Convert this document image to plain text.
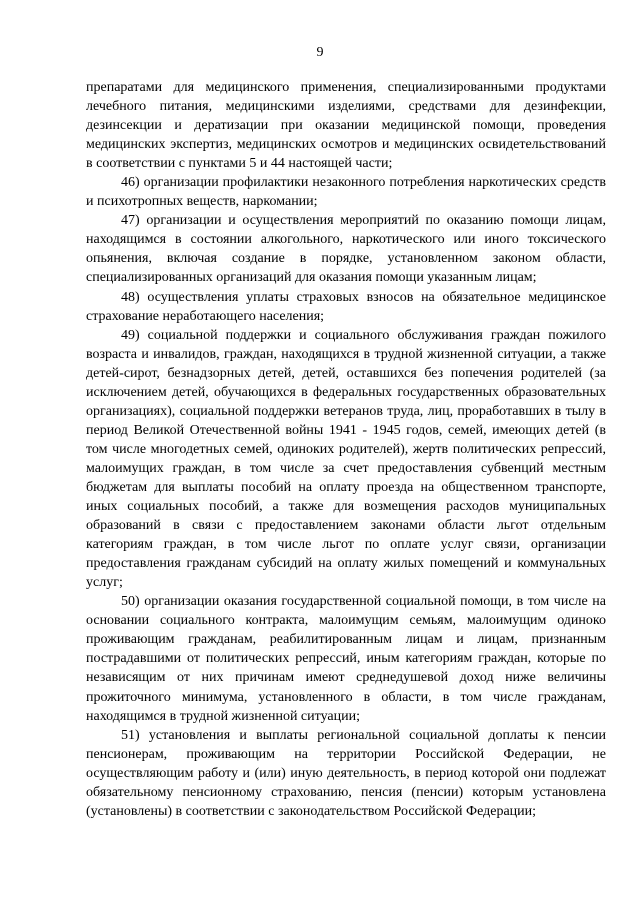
9

препаратами для медицинского применения, специализированными продуктами лечебного питания, медицинскими изделиями, средствами для дезинфекции, дезинсекции и дератизации при оказании медицинской помощи, проведения медицинских экспертиз, медицинских осмотров и медицинских освидетельствований в соответствии с пунктами 5 и 44 настоящей части;

46) организации профилактики незаконного потребления наркотических средств и психотропных веществ, наркомании;

47) организации и осуществления мероприятий по оказанию помощи лицам, находящимся в состоянии алкогольного, наркотического или иного токсического опьянения, включая создание в порядке, установленном законом области, специализированных организаций для оказания помощи указанным лицам;

48) осуществления уплаты страховых взносов на обязательное медицинское страхование неработающего населения;

49) социальной поддержки и социального обслуживания граждан пожилого возраста и инвалидов, граждан, находящихся в трудной жизненной ситуации, а также детей-сирот, безнадзорных детей, детей, оставшихся без попечения родителей (за исключением детей, обучающихся в федеральных государственных образовательных организациях), социальной поддержки ветеранов труда, лиц, проработавших в тылу в период Великой Отечественной войны 1941 - 1945 годов, семей, имеющих детей (в том числе многодетных семей, одиноких родителей), жертв политических репрессий, малоимущих граждан, в том числе за счет предоставления субвенций местным бюджетам для выплаты пособий на оплату проезда на общественном транспорте, иных социальных пособий, а также для возмещения расходов муниципальных образований в связи с предоставлением законами области льгот отдельным категориям граждан, в том числе льгот по оплате услуг связи, организации предоставления гражданам субсидий на оплату жилых помещений и коммунальных услуг;

50) организации оказания государственной социальной помощи, в том числе на основании социального контракта, малоимущим семьям, малоимущим одиноко проживающим гражданам, реабилитированным лицам и лицам, признанным пострадавшими от политических репрессий, иным категориям граждан, которые по независящим от них причинам имеют среднедушевой доход ниже величины прожиточного минимума, установленного в области, в том числе гражданам, находящимся в трудной жизненной ситуации;

51) установления и выплаты региональной социальной доплаты к пенсии пенсионерам, проживающим на территории Российской Федерации, не осуществляющим работу и (или) иную деятельность, в период которой они подлежат обязательному пенсионному страхованию, пенсия (пенсии) которым установлена (установлены) в соответствии с законодательством Российской Федерации;
